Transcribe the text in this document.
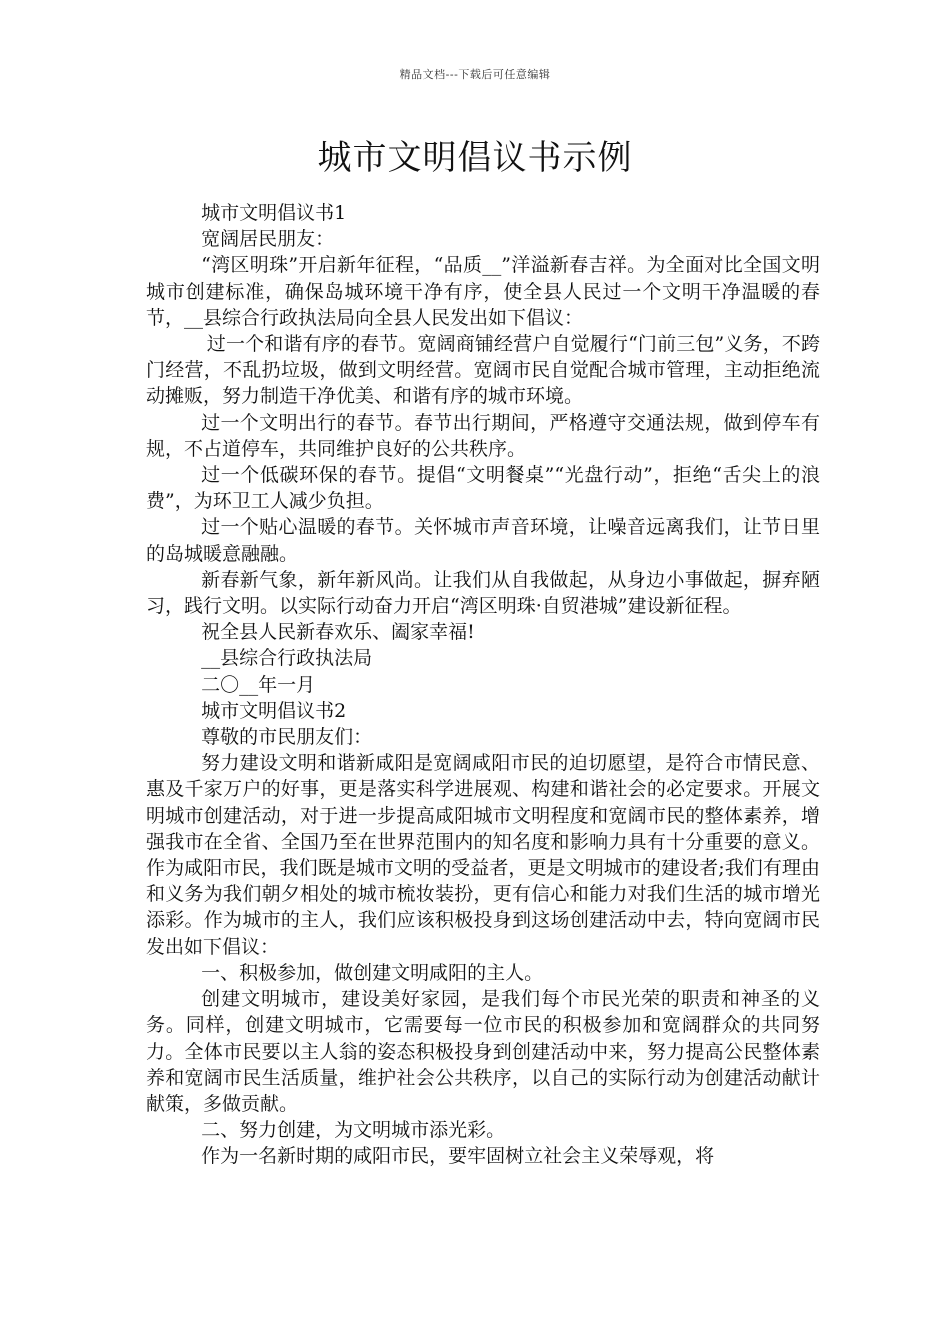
精品文档---下载后可任意编辑
城市文明倡议书示例

城市文明倡议书1

宽阔居民朋友：

“湾区明珠”开启新年征程，“品质__”洋溢新春吉祥。为全面对比全国文明城市创建标准，确保岛城环境干净有序，使全县人民过一个文明干净温暖的春节，__县综合行政执法局向全县人民发出如下倡议：

过一个和谐有序的春节。宽阔商铺经营户自觉履行“门前三包”义务，不跨门经营，不乱扔垃圾，做到文明经营。宽阔市民自觉配合城市管理，主动拒绝流动摊贩，努力制造干净优美、和谐有序的城市环境。

过一个文明出行的春节。春节出行期间，严格遵守交通法规，做到停车有规，不占道停车，共同维护良好的公共秩序。

过一个低碳环保的春节。提倡“文明餐桌”“光盘行动”，拒绝“舌尖上的浪费”，为环卫工人减少负担。

过一个贴心温暖的春节。关怀城市声音环境，让噪音远离我们，让节日里的岛城暖意融融。

新春新气象，新年新风尚。让我们从自我做起，从身边小事做起，摒弃陋习，践行文明。以实际行动奋力开启“湾区明珠·自贸港城”建设新征程。

祝全县人民新春欢乐、阖家幸福!

__县综合行政执法局

二〇__年一月

城市文明倡议书2

尊敬的市民朋友们：

努力建设文明和谐新咸阳是宽阔咸阳市民的迫切愿望，是符合市情民意、惠及千家万户的好事，更是落实科学进展观、构建和谐社会的必定要求。开展文明城市创建活动，对于进一步提高咸阳城市文明程度和宽阔市民的整体素养，增强我市在全省、全国乃至在世界范围内的知名度和影响力具有十分重要的意义。作为咸阳市民，我们既是城市文明的受益者，更是文明城市的建设者;我们有理由和义务为我们朝夕相处的城市梳妆装扮，更有信心和能力对我们生活的城市增光添彩。作为城市的主人，我们应该积极投身到这场创建活动中去，特向宽阔市民发出如下倡议：

一、积极参加，做创建文明咸阳的主人。

创建文明城市，建设美好家园，是我们每个市民光荣的职责和神圣的义务。同样，创建文明城市，它需要每一位市民的积极参加和宽阔群众的共同努力。全体市民要以主人翁的姿态积极投身到创建活动中来，努力提高公民整体素养和宽阔市民生活质量，维护社会公共秩序，以自己的实际行动为创建活动献计献策，多做贡献。

二、努力创建，为文明城市添光彩。

作为一名新时期的咸阳市民，要牢固树立社会主义荣辱观，将
